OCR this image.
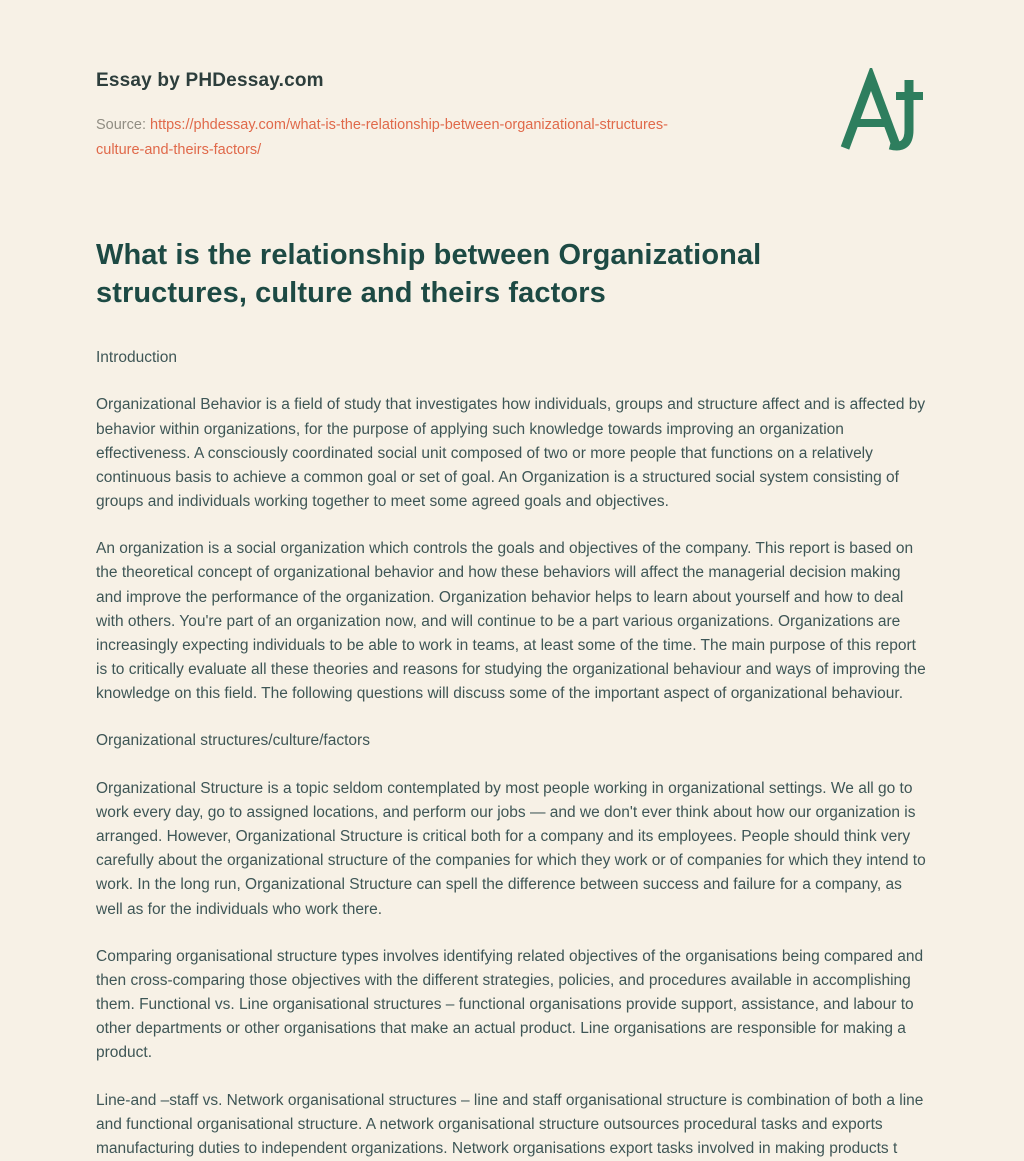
Essay by PHDessay.com

Source: https://phdessay.com/what-is-the-relationship-between-organizational-structures-culture-and-theirs-factors/

What is the relationship between Organizational structures, culture and theirs factors

Introduction

Organizational Behavior is a field of study that investigates how individuals, groups and structure affect and is affected by behavior within organizations, for the purpose of applying such knowledge towards improving an organization effectiveness. A consciously coordinated social unit composed of two or more people that functions on a relatively continuous basis to achieve a common goal or set of goal. An Organization is a structured social system consisting of groups and individuals working together to meet some agreed goals and objectives.

An organization is a social organization which controls the goals and objectives of the company. This report is based on the theoretical concept of organizational behavior and how these behaviors will affect the managerial decision making and improve the performance of the organization. Organization behavior helps to learn about yourself and how to deal with others. You're part of an organization now, and will continue to be a part various organizations. Organizations are increasingly expecting individuals to be able to work in teams, at least some of the time. The main purpose of this report is to critically evaluate all these theories and reasons for studying the organizational behaviour and ways of improving the knowledge on this field. The following questions will discuss some of the important aspect of organizational behaviour.

Organizational structures/culture/factors

Organizational Structure is a topic seldom contemplated by most people working in organizational settings. We all go to work every day, go to assigned locations, and perform our jobs — and we don't ever think about how our organization is arranged. However, Organizational Structure is critical both for a company and its employees. People should think very carefully about the organizational structure of the companies for which they work or of companies for which they intend to work. In the long run, Organizational Structure can spell the difference between success and failure for a company, as well as for the individuals who work there.

Comparing organisational structure types involves identifying related objectives of the organisations being compared and then cross-comparing those objectives with the different strategies, policies, and procedures available in accomplishing them. Functional vs. Line organisational structures – functional organisations provide support, assistance, and labour to other departments or other organisations that make an actual product. Line organisations are responsible for making a product.

Line-and –staff vs. Network organisational structures – line and staff organisational structure is combination of both a line and functional organisational structure. A network organisational structure outsources procedural tasks and exports manufacturing duties to independent organizations. Network organisations export tasks involved in making products t
